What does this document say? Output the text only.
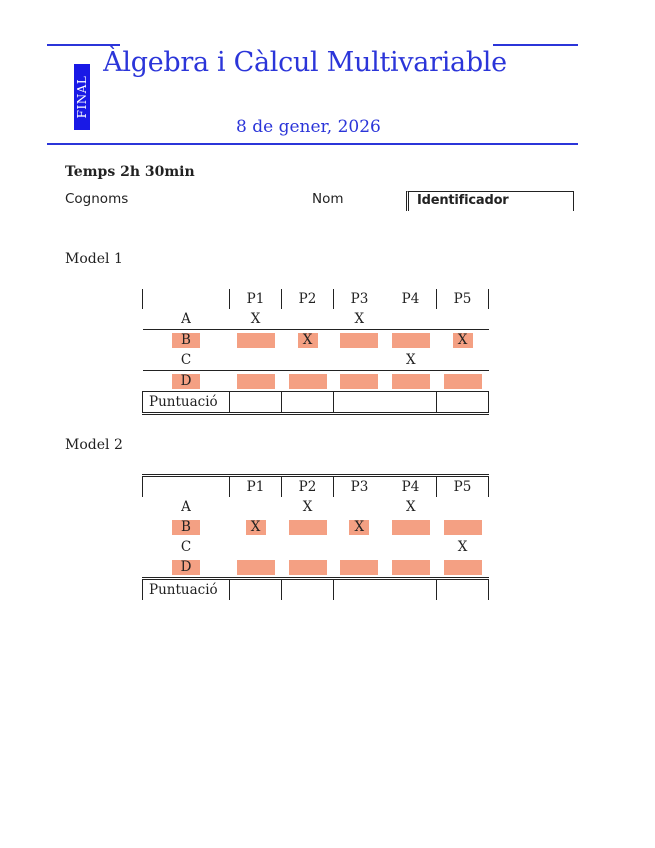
FINAL
Àlgebra i Càlcul Multivariable
8 de gener, 2026
Temps 2h 30min
Cognoms	Nom	Identificador
Model 1
	P1	P2	P3	P4	P5
A	X		X		
B		X			X
C				X	
D					
Puntuació					
Model 2
	P1	P2	P3	P4	P5
A		X		X	
B	X		X		
C					X
D					
Puntuació					
